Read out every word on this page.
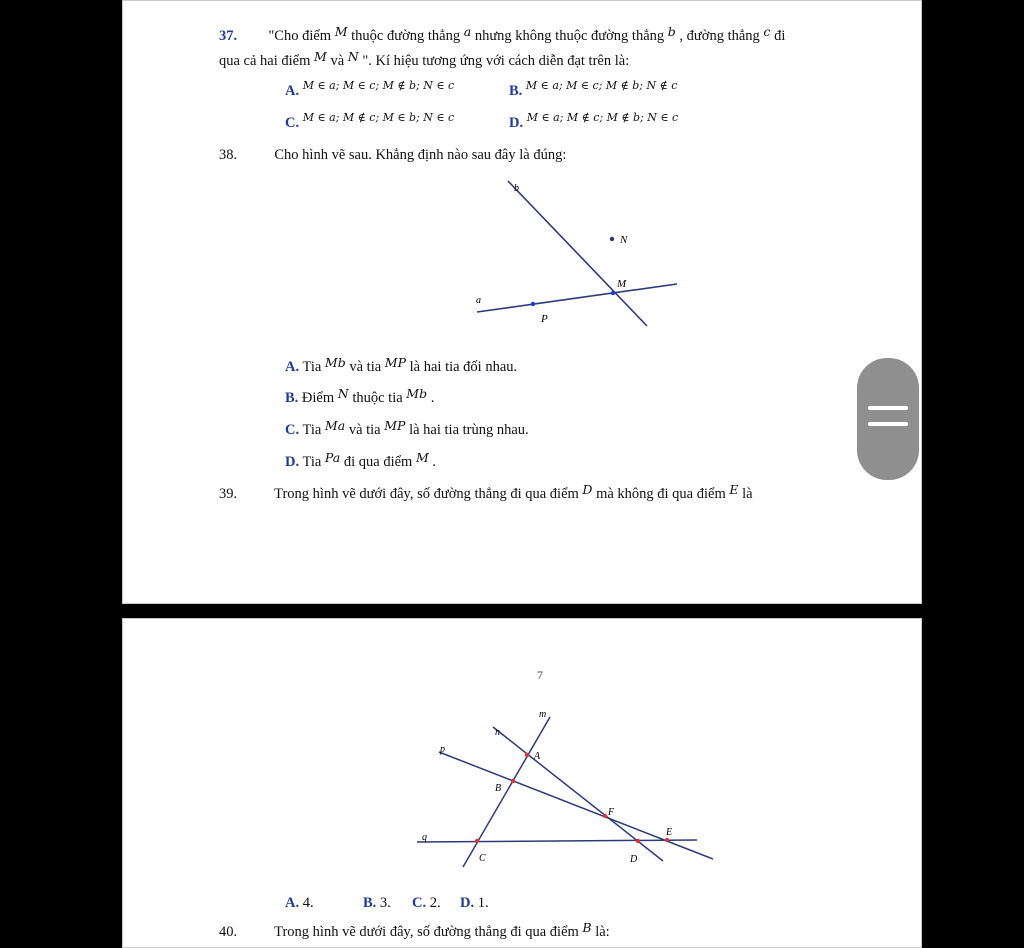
37. "Cho điểm M thuộc đường thẳng a nhưng không thuộc đường thẳng b , đường thẳng c đi
qua cả hai điểm M và N ". Kí hiệu tương ứng với cách diễn đạt trên là:
A. $^{M \in a; M \in c; M \notin b; N \in c}$	B. $^{M \in a; M \in c; M \notin b; N \notin c}$
C. $^{M \in a; M \notin c; M \in b; N \in c}$	D. $^{M \in a; M \notin c; M \notin b; N \in c}$
38.	Cho hình vẽ sau. Khẳng định nào sau đây là đúng:
b
N
M
a
P
A. Tia Mb và tia MP là hai tia đối nhau.
B. Điểm N thuộc tia Mb .
C. Tia Ma và tia MP là hai tia trùng nhau.
D. Tia Pa đi qua điểm M .
39.	Trong hình vẽ dưới đây, số đường thẳng đi qua điểm D mà không đi qua điểm E là
7
m
n
p
q
A
B
C	D
E
F
A. 4.	B. 3. C. 2. D. 1.
40.	Trong hình vẽ dưới đây, số đường thẳng đi qua điểm B là:
